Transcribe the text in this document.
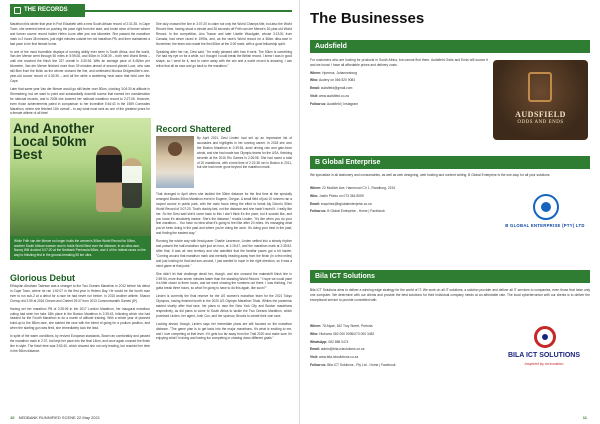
THE RECORDS

Marathon this winter that year in Port Elizabeth with a new South African record of 2:31:35. In Cape Town, she seemed intent on pushing the pace right from the start, and broke clear of former winner and former course record holder Helen Lucre after just one kilometre. She passed the marathon mark in 2 hours 38 minutes, just eight minutes outside her old marathon PB, and then maintained a fast pace to be first female home.

In one of the most incredible displays of running ability ever seen in South Africa, and the world, Van der Merwe went through 50 miles in 5:59:26, and 50km in 3:08:39 – both new World Bests – until she reached the finish line 237 overall in 3:30:36. With an average pace of 3:45/km per kilometre, Van der Merwe finished more than 39 minutes ahead of second-placed Luce, who was still 8km from the finish as the winner crossed the line, and celebrated Monica Drögemöller's one-year-old course record of 4:33:35 – and all the while a sweltering heat wave that held over the Cape.

Later that same year Van der Merwe would go still faster over 50km, clocking 3:04:30 at altitude in Stormsberg, but we want to point and substantially downhill course that earned her consideration for national records, and in 2005 she lowered her national marathon record to 2:27:06. However, even those achievements paled in comparison to her incredible 5:54:43 in the 1989 Comrades Marathon, where she finished 11th overall – to say what must rank as one of the greatest years for a female athlete of all time!

And Another Local 50km Best
While Frith van der Merwe no longer holds the women's 50km World Record for 50km, another South African woman now in holds World Best over the distance, in an ultra-race, Nancy Will clocked 3:07:20 at the Nedbank Peninsula 56km, and 4 of the hottest races on the way to finishing first in the ground-breaking 50 km ultra.
Glorious Debut

Ethiopian Abraham Tadesse was a stranger to the Two Oceans Marathon in 2012 before his debut in Cape Town, where he ran 1:52:07 in the first year in Helens Bay. He would be the fourth man ever to run sub-2 at a debut for a race he had never run before. In 2015 another athlete, Sharon Cherop did 2:59 at 2016 Cheam and Chebet 29:37 from 2013 Commonwealth Games (8*).

Having set her marathon PB of 2:28:06 in the 2017 London Marathon, her inaugural marathon outing had seen her take 18th place in the Boston Marathon in 2:35:43, following which she had headed for the Fourth Marathon to do a month of altitude training. With a whole year of planned build-up to the 56km race, she started the race with the intent of going for a podium position, and when the starting gun was fired, she immediately took the lead.

In spite of the warm conditions, by revived European standards, Bosei ran comfortably and passed the marathon mark in 2:37, but kept her pace into the final 14km, and once again crossed the finish line in style. The finish time was 3:52:40, which showed she not only leading, but reached her time in the 56km distance.

She duly crossed the line in 3:07:20 to claim not only the World Champs title, but also the World Record time, having stood a minute and 26 seconds off Frith van der Merwe's 30-year-old World Record. In the competition, Ann Trason and later Lisette Woodgate, whose 3:13:51 from Canada, had never raced in 1990s, and, as the race's World record for a 56km ultra-race in November, the team who made the first 50km at the 3:00 mark, with a good fellowship spirit.

Speaking after her run, Desi said, "I'm really pleased with how it went. The 50km is something I've had my eye on for a while, so I thought I could break the British record. I knew I was in good shape, so I went for it, and to come away with the win and a world record is amazing. I can relive that all as race and go back to the marathon."

Record Shattered

By April 2021, Desi Linden had set up an impressive list of accolades and highlights in her running career. In 2018 she won the Boston Marathon in 2:39:54, amid driving rain and gale-force winds, and she had made two Olympic teams for the USA, finishing seventh at the 2016 Rio Games in 2:26:08. She had raced a total of 20 marathons, with a best time of 2:22:38 run in Boston in 2011, but she had never gone beyond the marathon mark.

That changed in April when she tackled the 50km distance for the first time at the specially arranged Brooks 50km Marathon event in Eugene, Oregon. A small field of just 10 runners ran a looped course in public park, with the main focus being the effort to break Aly Dixon's 50km World Record of 3:07:20. That's doubly-fast, not the distance and she hadn't raced it. I really like her. So the Desi said she'd come back to this I don't think it's the pace, but it sounds like, and you know it's absolutely insane. She's the distance," recalls Linden. "It's like when you do your first marathon... You have no idea what it's going to feel like after 20 miles. It's managing what you've been doing in the past and where you're doing the work. It's doing your best in the past, and finding the easiest way."

Running the whole way with head-pacer Charlie Lawrence, Linden settled into a steady rhythm and passed the half-marathon split just an hour, at 1:15:47, and the marathon mark at 2:35:52. After that, it was all new territory and she admitted that the familiar paces got a bit harder. "Coming around that marathon mark and mentally heading away from the finish (in a few miles) and just looking for that last turn-around, I just wanted to hope in the right direction, so it was a mind game at that point."

She didn't let that challenge derail her, though, and she crossed the makeshift finish line in 2:59:54, more than seven minutes faster than the standing World Record. "I hope we could pace it a little closer to three hours, and we were chasing the numbers out there. I was thinking, I've gotta break three hours, so what I'm going to have to do this again, like soon?"

Linden is currently the final reserve for the US women's marathon team for the 2021 Tokyo Olympics, having finished fourth in the 2020 US Olympic Marathon Trials. Whiles the pandemic started shortly after that race, her plans to race the New York City and Boston marathons respectively, as did plans to come to South Africa to tackle the Two Oceans Marathon, which promised Linden, her agent, Josh Cox, and her sponsor, Brooks to create their own race.

Looking ahead, though, Linden says her immediate plans are still focused on the marathon distance. "The game plan is to get back into the major marathons. It's what is exciting to me, and I love competing at that level. If it gets too far away from the Trail 2020 and make sure I'm enjoying what I'm doing and having fun competing or chasing down different goals."

10 NEDBANK RUNNIFIED SCENE 22 May 2021
The Businesses
Audsfield

For customers who are looking for products in South Africa, but cannot find them, Audsfield Odds and Ends will source it and we know! I have all affordable prices and delivery costs.

Where: Hpmeos, Johannesburg

Who: Audery on 066 520 9084

Email: audsfield@gmail.com

Visit: www.audsfield.co.za

Follow us: Audsfield | Instagram

AUDSFIELD
ODDS AND ENDS
B Global Enterprise

We specialise in all stationery and consumables, as well as web designing, web hosting and content writing. B Global Enterprise is the one-stop for all your solutions.

Where: 22 Modlich Ave, Hammond CV 1, Randburg, 2194

Who: Justin Pheko on 073 364 8059

Email: enquiries@bglobalenterprise.co.za

Follow us: B Global Enterprise - Home | Facebook

B GLOBAL ENTERPRISE (PTY) LTD
Bila ICT Solutions

Bila ICT Solutions aims to deliver a winning edge strategy for the world of IT. We work on all IT solutions; a solution provider and deliver all IT services to companies, even those that have only one computer. We determine with our clients and provide the best solutions for their individual company needs at an affordable rate. The local cyberterrorism with our clients is to deliver the exceptional service to provide committed with.

Where: 78 Alyae, 162 Troy Street, Pretoria

Who: Hlokomo 082 000 0096/073 000 3482

WhatsApp: 082 888 0474

Email: admin@bila-ictsolutions.co.za

Visit: www.bila-ictsolutions.co.za

Follow us: Bila ICT Solutions - Pty Ltd - Home | Facebook

BILA ICT SOLUTIONS
Inspired by innovation
11
